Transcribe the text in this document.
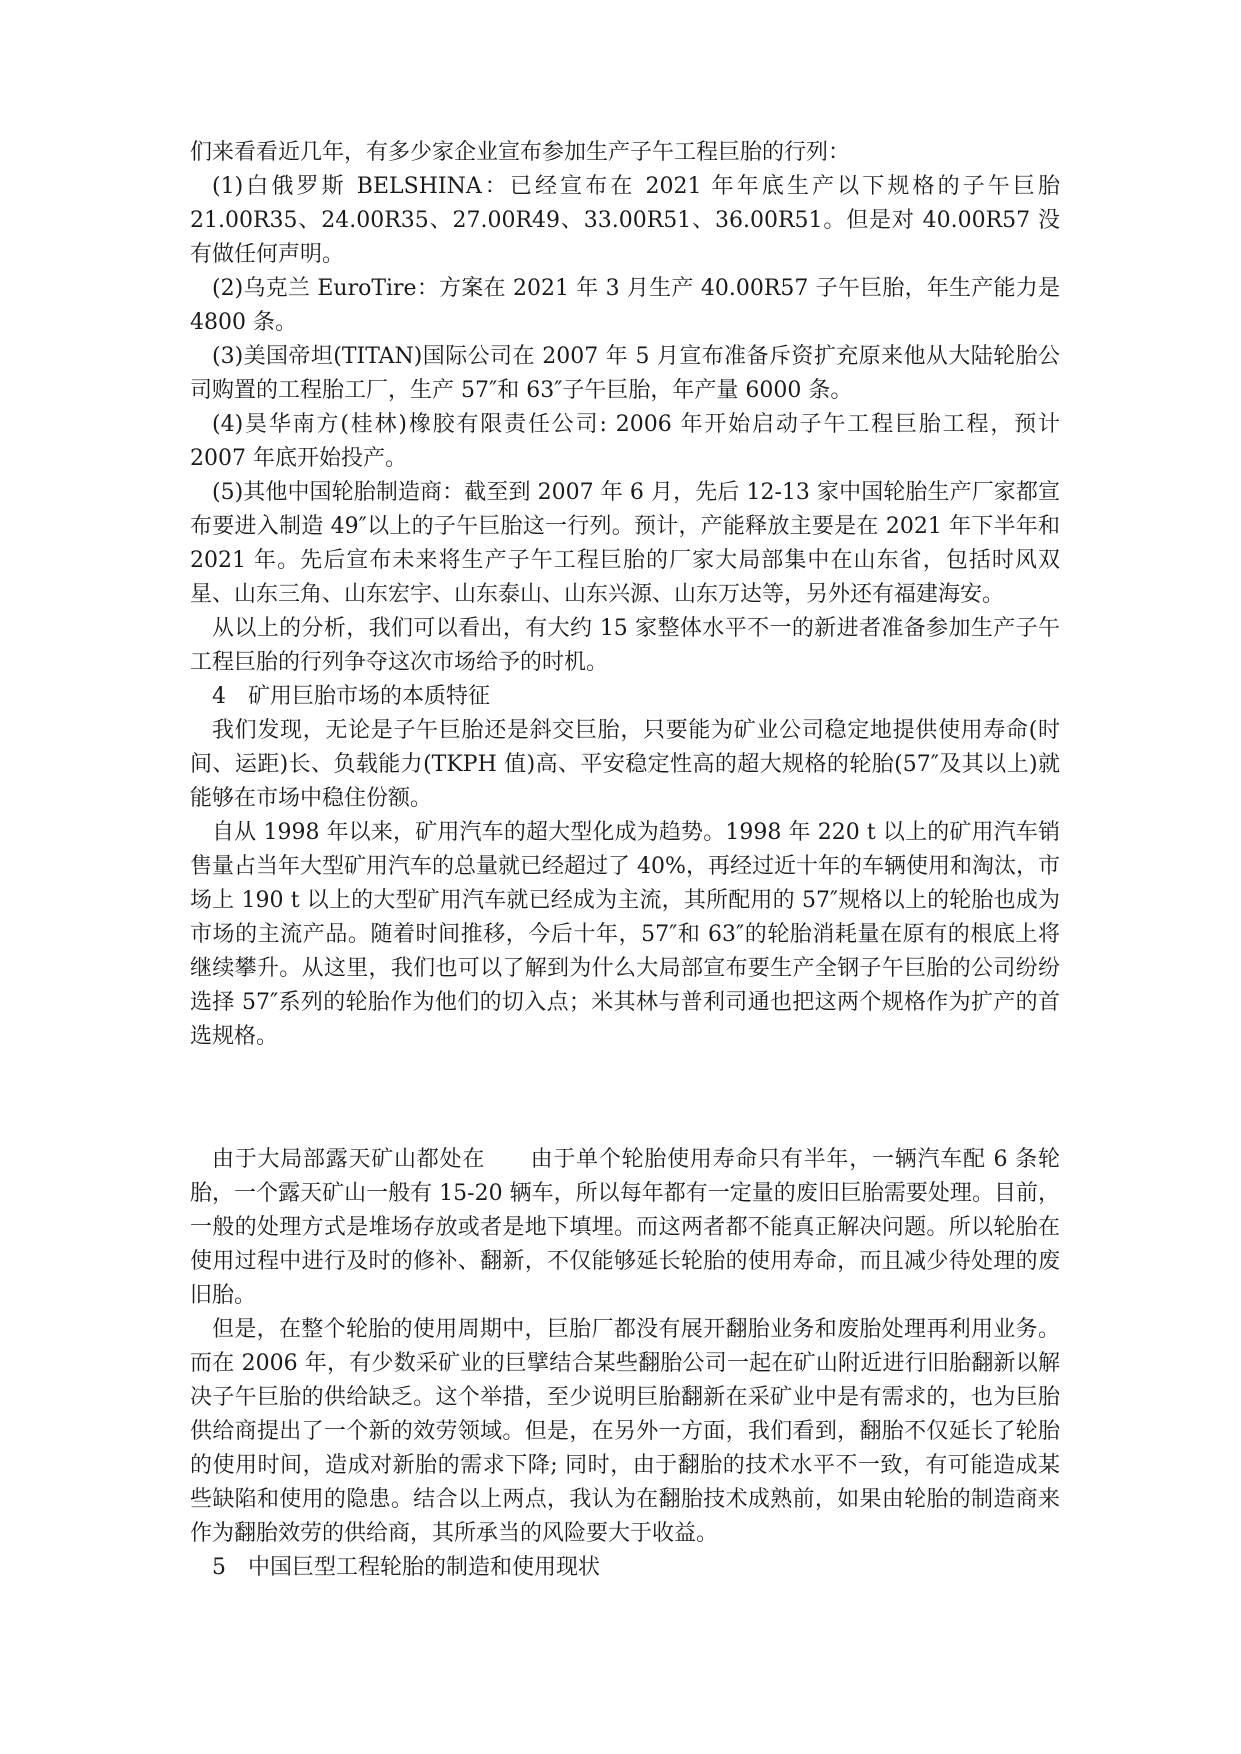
们来看看近几年，有多少家企业宣布参加生产子午工程巨胎的行列：

(1)白俄罗斯 BELSHINA：已经宣布在 2021 年年底生产以下规格的子午巨胎21.00R35、24.00R35、27.00R49、33.00R51、36.00R51。但是对 40.00R57 没有做任何声明。

(2)乌克兰 EuroTire：方案在 2021 年 3 月生产 40.00R57 子午巨胎，年生产能力是 4800 条。

(3)美国帝坦(TITAN)国际公司在 2007 年 5 月宣布准备斥资扩充原来他从大陆轮胎公司购置的工程胎工厂，生产 57″和 63″子午巨胎，年产量 6000 条。

(4)昊华南方(桂林)橡胶有限责任公司: 2006 年开始启动子午工程巨胎工程，预计 2007 年底开始投产。

(5)其他中国轮胎制造商：截至到 2007 年 6 月，先后 12-13 家中国轮胎生产厂家都宣布要进入制造 49″以上的子午巨胎这一行列。预计，产能释放主要是在 2021 年下半年和 2021 年。先后宣布未来将生产子午工程巨胎的厂家大局部集中在山东省，包括时风双星、山东三角、山东宏宇、山东泰山、山东兴源、山东万达等，另外还有福建海安。

从以上的分析，我们可以看出，有大约 15 家整体水平不一的新进者准备参加生产子午工程巨胎的行列争夺这次市场给予的时机。

4　矿用巨胎市场的本质特征

我们发现，无论是子午巨胎还是斜交巨胎，只要能为矿业公司稳定地提供使用寿命(时间、运距)长、负载能力(TKPH 值)高、平安稳定性高的超大规格的轮胎(57″及其以上)就能够在市场中稳住份额。

自从 1998 年以来，矿用汽车的超大型化成为趋势。1998 年 220 t 以上的矿用汽车销售量占当年大型矿用汽车的总量就已经超过了 40%，再经过近十年的车辆使用和淘汰，市场上 190 t 以上的大型矿用汽车就已经成为主流，其所配用的 57″规格以上的轮胎也成为市场的主流产品。随着时间推移，今后十年，57″和 63″的轮胎消耗量在原有的根底上将继续攀升。从这里，我们也可以了解到为什么大局部宣布要生产全钢子午巨胎的公司纷纷选择 57″系列的轮胎作为他们的切入点；米其林与普利司通也把这两个规格作为扩产的首选规格。

由于大局部露天矿山都处在　　由于单个轮胎使用寿命只有半年，一辆汽车配 6 条轮胎，一个露天矿山一般有 15-20 辆车，所以每年都有一定量的废旧巨胎需要处理。目前，一般的处理方式是堆场存放或者是地下填埋。而这两者都不能真正解决问题。所以轮胎在使用过程中进行及时的修补、翻新，不仅能够延长轮胎的使用寿命，而且减少待处理的废旧胎。

但是，在整个轮胎的使用周期中，巨胎厂都没有展开翻胎业务和废胎处理再利用业务。而在 2006 年，有少数采矿业的巨擘结合某些翻胎公司一起在矿山附近进行旧胎翻新以解决子午巨胎的供给缺乏。这个举措，至少说明巨胎翻新在采矿业中是有需求的，也为巨胎供给商提出了一个新的效劳领域。但是，在另外一方面，我们看到，翻胎不仅延长了轮胎的使用时间，造成对新胎的需求下降; 同时，由于翻胎的技术水平不一致，有可能造成某些缺陷和使用的隐患。结合以上两点，我认为在翻胎技术成熟前，如果由轮胎的制造商来作为翻胎效劳的供给商，其所承当的风险要大于收益。

5　中国巨型工程轮胎的制造和使用现状
